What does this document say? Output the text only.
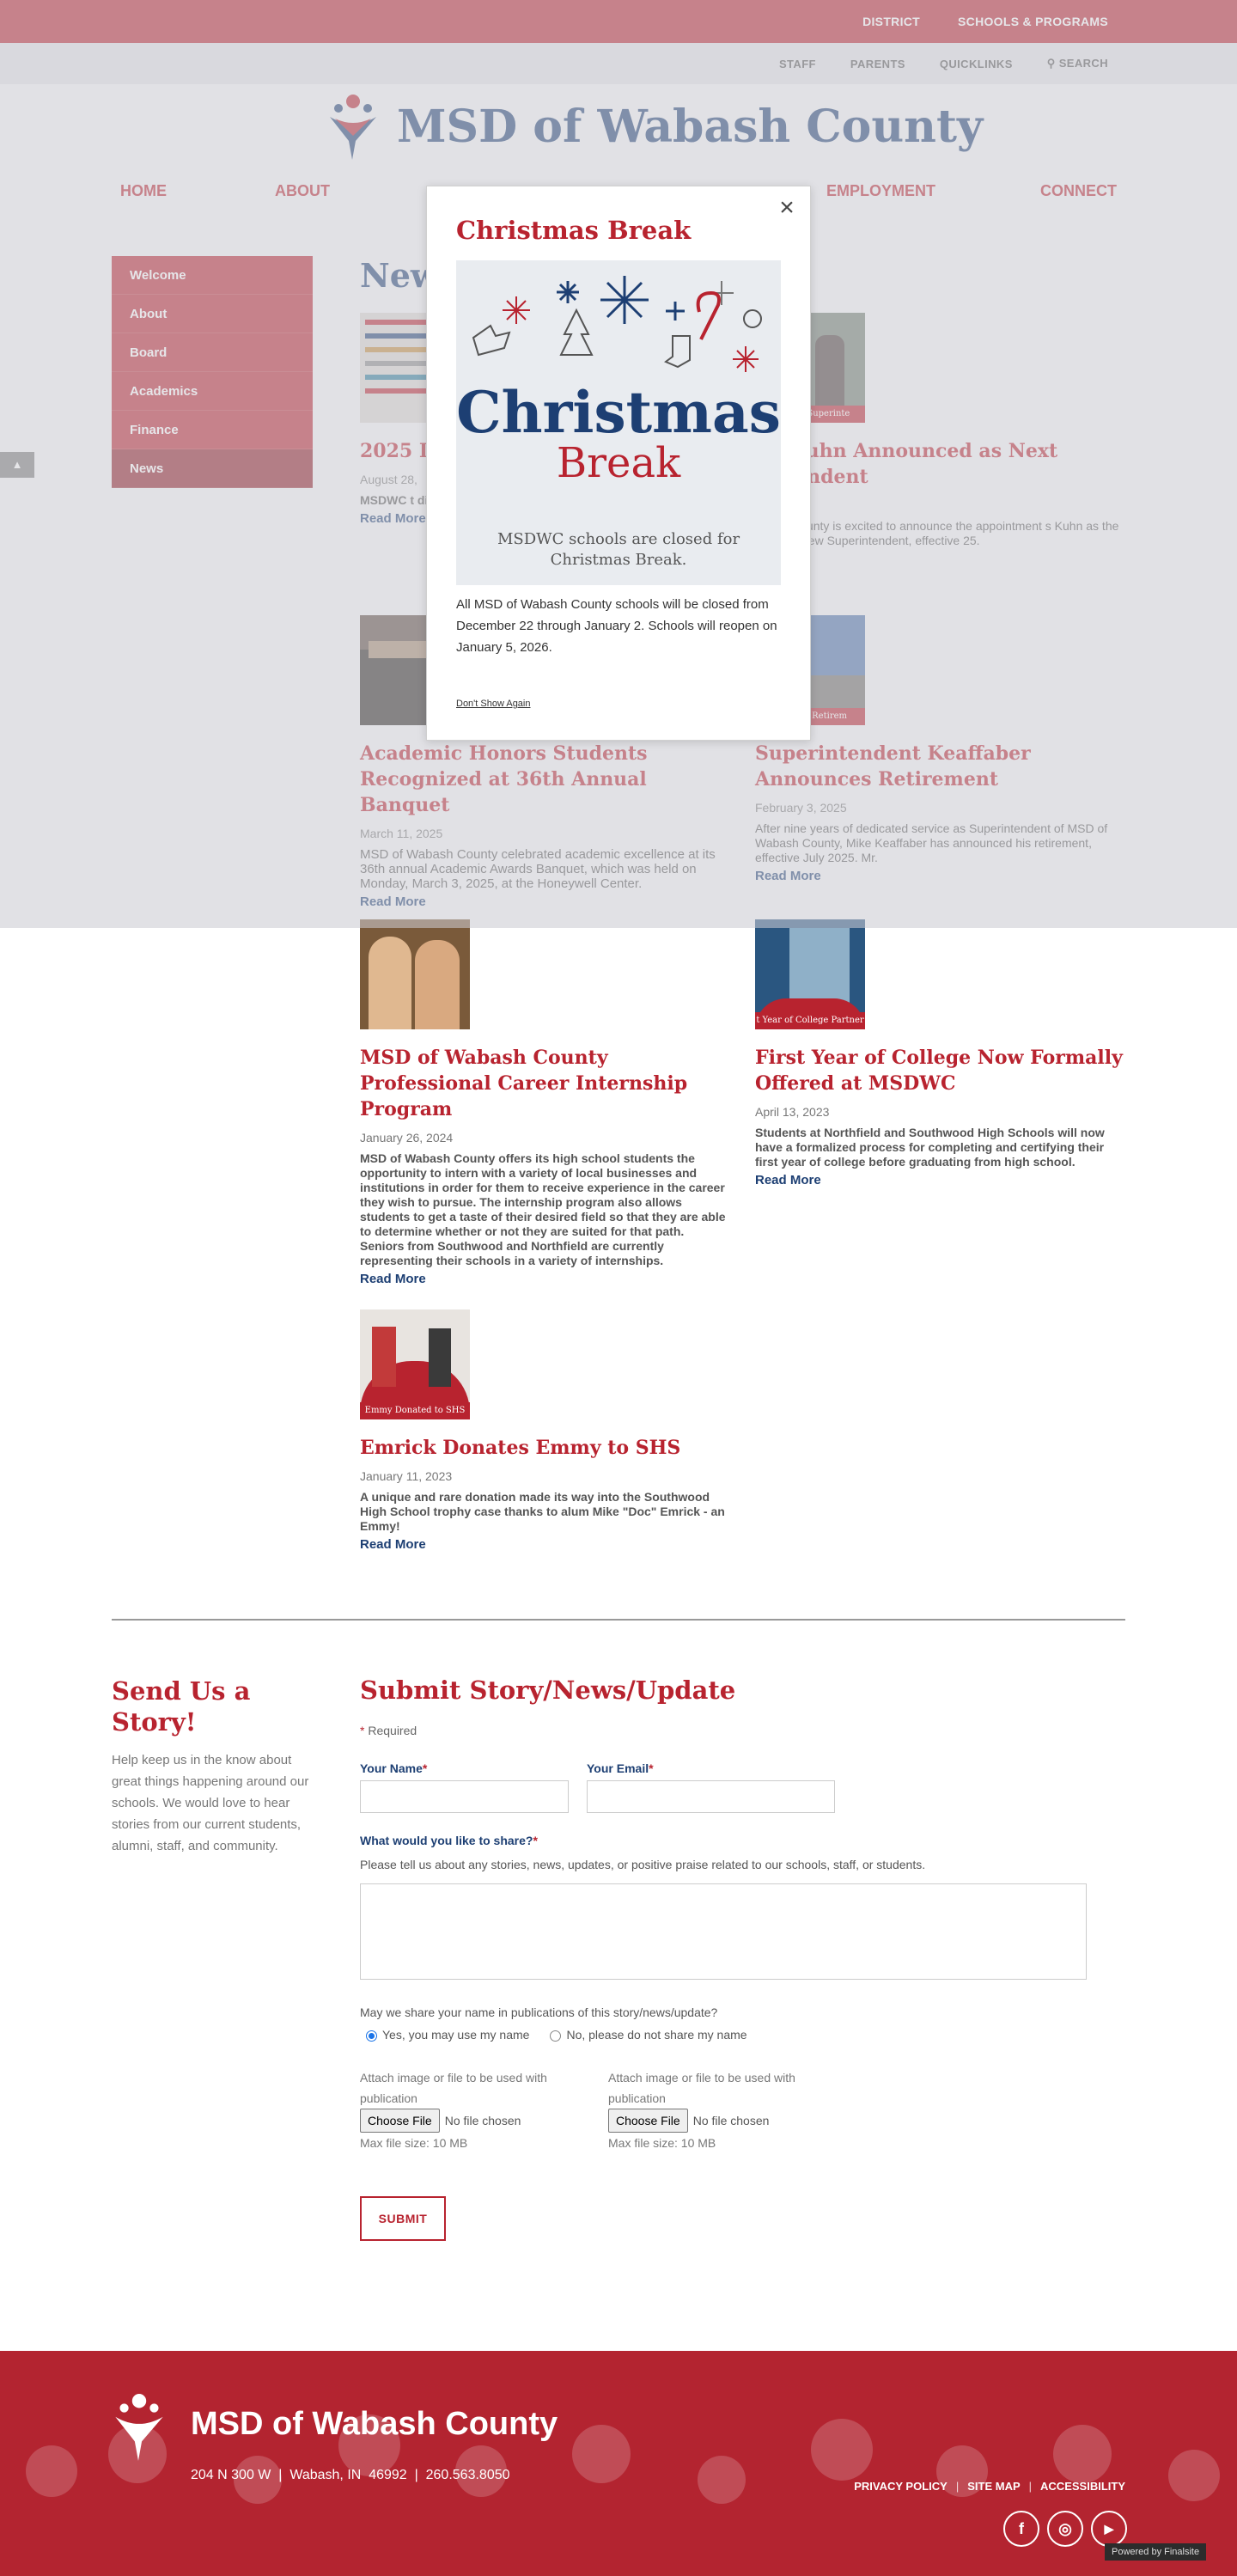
MSD of Wabash County Professional Career Internship Program
January 26, 2024
MSD of Wabash County offers its high school students the opportunity to intern with a variety of local businesses and institutions in order for them to receive experience in the career they wish to pursue. The internship program also allows students to get a taste of their desired field so that they are able to determine whether or not they are suited for that path. Seniors from Southwood and Northfield are currently representing their schools in a variety of internships.
Read More
t Year of College Partner
First Year of College Now Formally Offered at MSDWC
April 13, 2023
Students at Northfield and Southwood High Schools will now have a formalized process for completing and certifying their first year of college before graduating from high school.
Read More
Emmy Donated to SHS
Emrick Donates Emmy to SHS
January 11, 2023
A unique and rare donation made its way into the Southwood High School trophy case thanks to alum Mike "Doc" Emrick - an Emmy!
Read More
Send Us a Story!
Help keep us in the know about great things happening around our schools. We would love to hear stories from our current students, alumni, staff, and community.
Submit Story/News/Update
* Required
Your Name*	Your Email*
What would you like to share?*
Please tell us about any stories, news, updates, or positive praise related to our schools, staff, or students.
May we share your name in publications of this story/news/update?
Yes, you may use my name	No, please do not share my name
Attach image or file to be used with publication
Choose File No file chosen
Max file size: 10 MB
Attach image or file to be used with publication
Choose File No file chosen
Max file size: 10 MB
SUBMIT
MSD of Wabash County
204 N 300 W  |  Wabash, IN  46992  |  260.563.8050
PRIVACY POLICY | SITE MAP | ACCESSIBILITY
f	◎	▶
Powered by Finalsite
Christmas Break
×
Christmas
Break
MSDWC schools are closed for
Christmas Break.
All MSD of Wabash County schools will be closed from December 22 through January 2. Schools will reopen on January 5, 2026.
Don't Show Again
